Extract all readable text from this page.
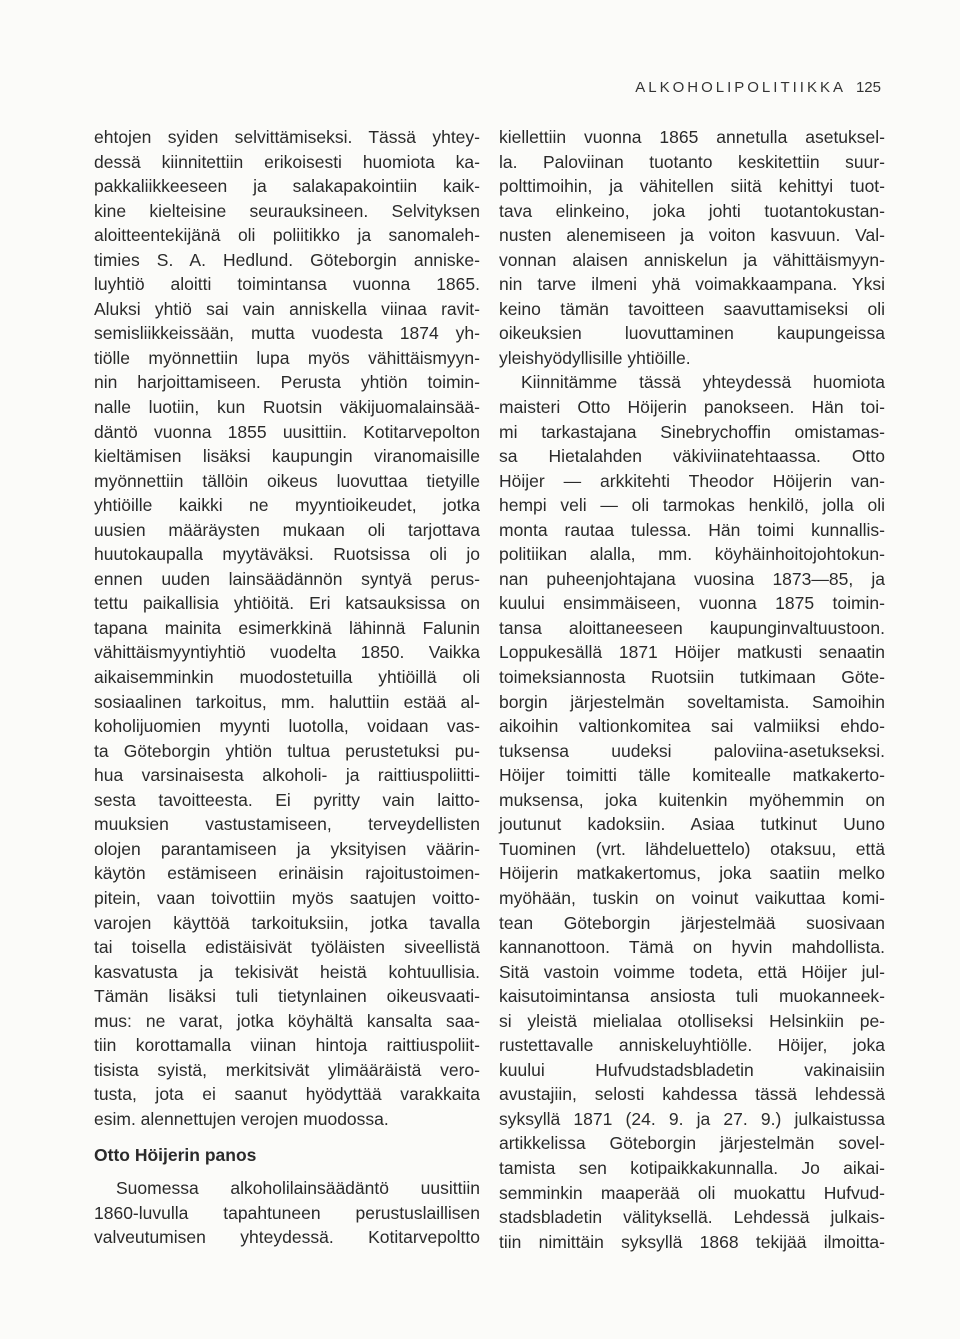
ALKOHOLIPOLITIIKKA 125
ehtojen syiden selvittämiseksi. Tässä yhtey-
dessä kiinnitettiin erikoisesti huomiota ka-
pakkaliikkeeseen ja salakapakointiin kaik-
kine kielteisine seurauksineen. Selvityksen
aloitteentekijänä oli poliitikko ja sanomaleh-
timies S. A. Hedlund. Göteborgin anniske-
luyhtiö aloitti toimintansa vuonna 1865.
Aluksi yhtiö sai vain anniskella viinaa ravit-
semisliikkeissään, mutta vuodesta 1874 yh-
tiölle myönnettiin lupa myös vähittäismyyn-
nin harjoittamiseen. Perusta yhtiön toimin-
nalle luotiin, kun Ruotsin väkijuomalainsää-
däntö vuonna 1855 uusittiin. Kotitarvepolton
kieltämisen lisäksi kaupungin viranomaisille
myönnettiin tällöin oikeus luovuttaa tietyille
yhtiöille kaikki ne myyntioikeudet, jotka
uusien määräysten mukaan oli tarjottava
huutokaupalla myytäväksi. Ruotsissa oli jo
ennen uuden lainsäädännön syntyä perus-
tettu paikallisia yhtiöitä. Eri katsauksissa on
tapana mainita esimerkkinä lähinnä Falunin
vähittäismyyntiyhtiö vuodelta 1850. Vaikka
aikaisemminkin muodostetuilla yhtiöillä oli
sosiaalinen tarkoitus, mm. haluttiin estää al-
koholijuomien myynti luotolla, voidaan vas-
ta Göteborgin yhtiön tultua perustetuksi pu-
hua varsinaisesta alkoholi- ja raittiuspoliitti-
sesta tavoitteesta. Ei pyritty vain laitto-
muuksien vastustamiseen, terveydellisten
olojen parantamiseen ja yksityisen väärin-
käytön estämiseen erinäisin rajoitustoimen-
pitein, vaan toivottiin myös saatujen voitto-
varojen käyttöä tarkoituksiin, jotka tavalla
tai toisella edistäisivät työläisten siveellistä
kasvatusta ja tekisivät heistä kohtuullisia.
Tämän lisäksi tuli tietynlainen oikeusvaati-
mus: ne varat, jotka köyhältä kansalta saa-
tiin korottamalla viinan hintoja raittiuspoliit-
tisista syistä, merkitsivät ylimääräistä vero-
tusta, jota ei saanut hyödyttää varakkaita
esim. alennettujen verojen muodossa.
Otto Höijerin panos
Suomessa alkoholilainsäädäntö uusittiin
1860-luvulla tapahtuneen perustuslaillisen
valveutumisen yhteydessä. Kotitarvepoltto
kiellettiin vuonna 1865 annetulla asetuksel-
la. Paloviinan tuotanto keskitettiin suur-
polttimoihin, ja vähitellen siitä kehittyi tuot-
tava elinkeino, joka johti tuotantokustan-
nusten alenemiseen ja voiton kasvuun. Val-
vonnan alaisen anniskelun ja vähittäismyyn-
nin tarve ilmeni yhä voimakkaampana. Yksi
keino tämän tavoitteen saavuttamiseksi oli
oikeuksien luovuttaminen kaupungeissa
yleishyödyllisille yhtiöille.
Kiinnitämme tässä yhteydessä huomiota
maisteri Otto Höijerin panokseen. Hän toi-
mi tarkastajana Sinebrychoffin omistamas-
sa Hietalahden väkiviinatehtaassa. Otto
Höijer — arkkitehti Theodor Höijerin van-
hempi veli — oli tarmokas henkilö, jolla oli
monta rautaa tulessa. Hän toimi kunnallis-
politiikan alalla, mm. köyhäinhoitojohtokun-
nan puheenjohtajana vuosina 1873—85, ja
kuului ensimmäiseen, vuonna 1875 toimin-
tansa aloittaneeseen kaupunginvaltuustoon.
Loppukesällä 1871 Höijer matkusti senaatin
toimeksiannosta Ruotsiin tutkimaan Göte-
borgin järjestelmän soveltamista. Samoihin
aikoihin valtionkomitea sai valmiiksi ehdo-
tuksensa uudeksi paloviina-asetukseksi.
Höijer toimitti tälle komitealle matkakerto-
muksensa, joka kuitenkin myöhemmin on
joutunut kadoksiin. Asiaa tutkinut Uuno
Tuominen (vrt. lähdeluettelo) otaksuu, että
Höijerin matkakertomus, joka saatiin melko
myöhään, tuskin on voinut vaikuttaa komi-
tean Göteborgin järjestelmää suosivaan
kannanottoon. Tämä on hyvin mahdollista.
Sitä vastoin voimme todeta, että Höijer jul-
kaisutoimintansa ansiosta tuli muokanneek-
si yleistä mielialaa otolliseksi Helsinkiin pe-
rustettavalle anniskeluyhtiölle. Höijer, joka
kuului Hufvudstadsbladetin vakinaisiin
avustajiin, selosti kahdessa tässä lehdessä
syksyllä 1871 (24. 9. ja 27. 9.) julkaistussa
artikkelissa Göteborgin järjestelmän sovel-
tamista sen kotipaikkakunnalla. Jo aikai-
semminkin maaperää oli muokattu Hufvud-
stadsbladetin välityksellä. Lehdessä julkais-
tiin nimittäin syksyllä 1868 tekijää ilmoitta-
